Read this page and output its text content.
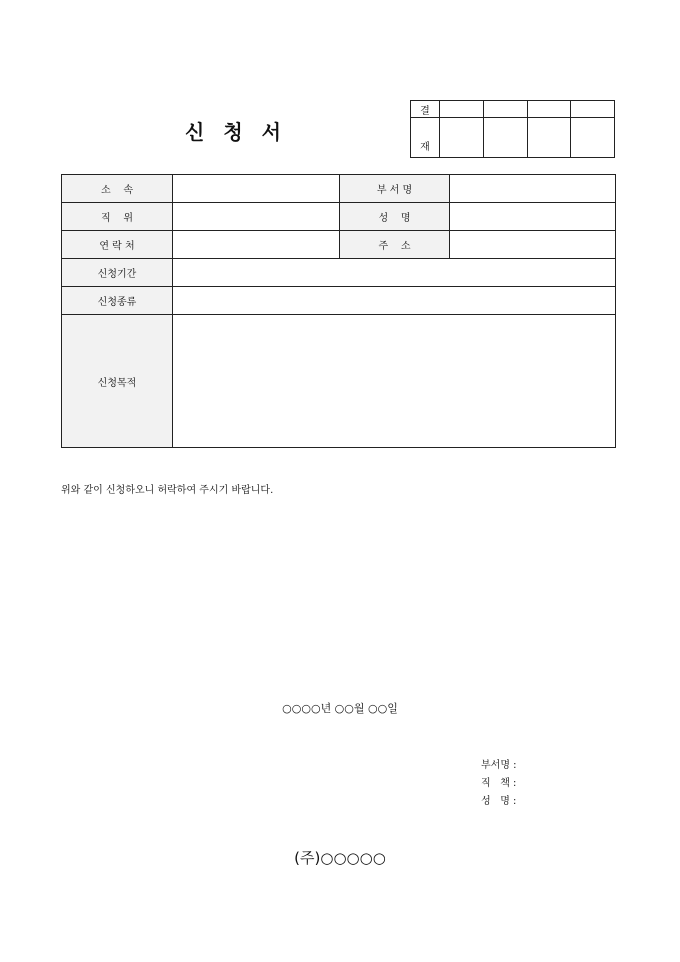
신 청 서
결				
재				
소    속		부 서 명	
직    위		성    명	
연 락 처		주    소	
신청기간			
신청종류			
신청목적			
위와 같이 신청하오니 허락하여 주시기 바랍니다.
○○○○년 ○○월 ○○일
부서명 :
직   책 :
성   명 :
(주)○○○○○
